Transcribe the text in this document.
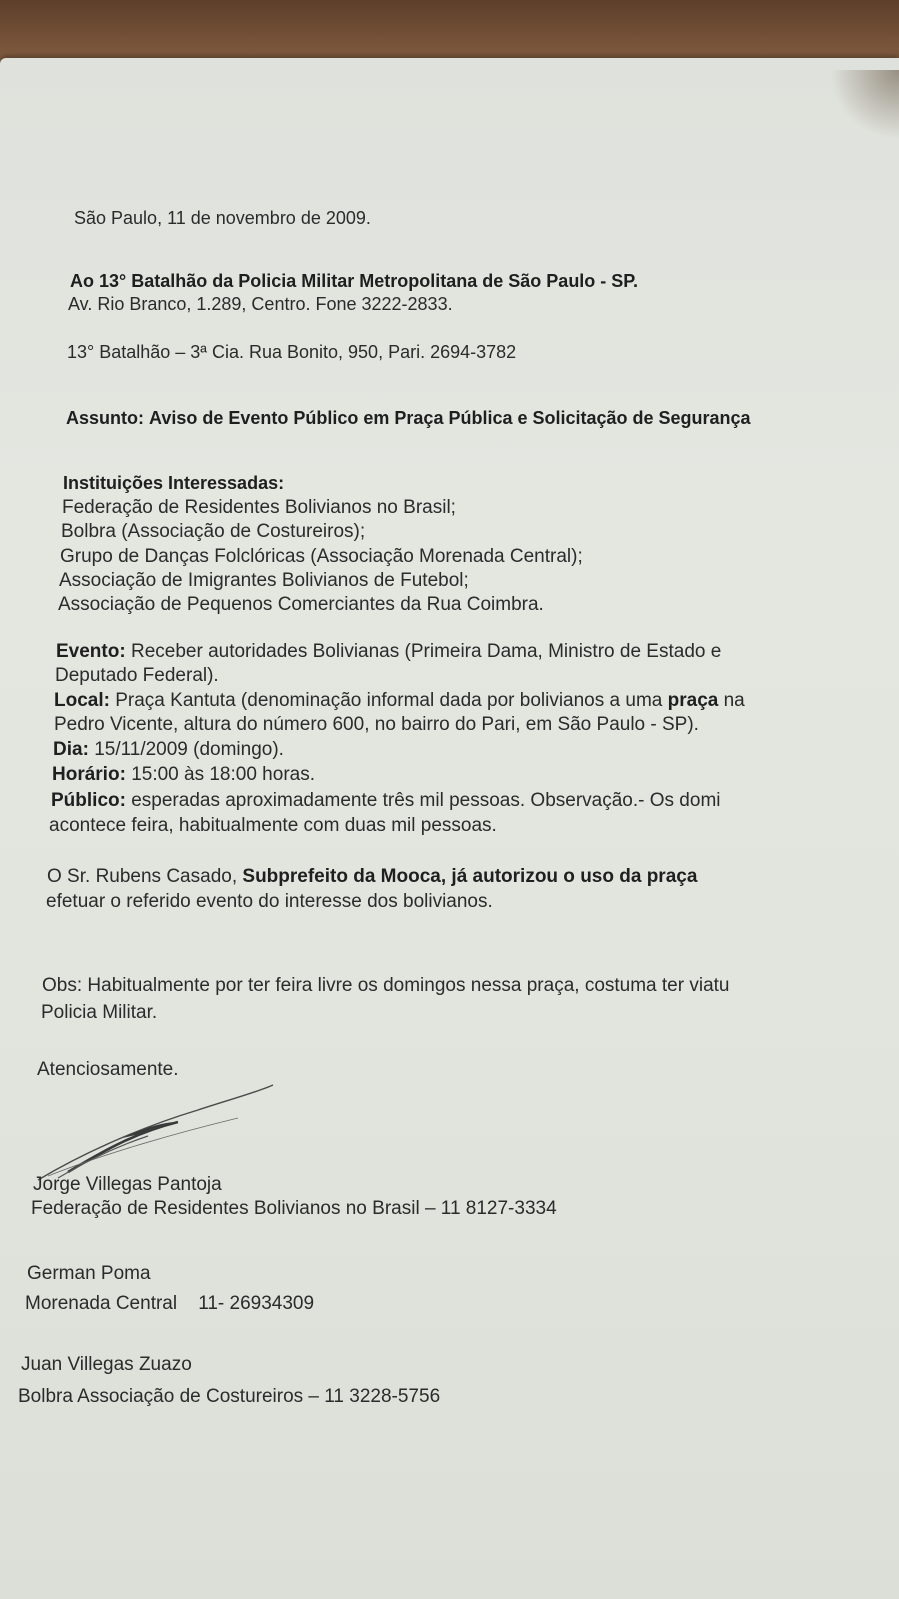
São Paulo, 11 de novembro de 2009.
Ao 13° Batalhão da Policia Militar Metropolitana de São Paulo - SP.
Av. Rio Branco, 1.289, Centro. Fone 3222-2833.
13° Batalhão – 3ª Cia. Rua Bonito, 950, Pari. 2694-3782
Assunto: Aviso de Evento Público em Praça Pública e Solicitação de Segurança
Instituições Interessadas:
Federação de Residentes Bolivianos no Brasil;
Bolbra (Associação de Costureiros);
Grupo de Danças Folclóricas (Associação Morenada Central);
Associação de Imigrantes Bolivianos de Futebol;
Associação de Pequenos Comerciantes da Rua Coimbra.
Evento: Receber autoridades Bolivianas (Primeira Dama, Ministro de Estado e
Deputado Federal).
Local: Praça Kantuta (denominação informal dada por bolivianos a uma praça na
Pedro Vicente, altura do número 600, no bairro do Pari, em São Paulo - SP).
Dia: 15/11/2009 (domingo).
Horário: 15:00 às 18:00 horas.
Público: esperadas aproximadamente três mil pessoas. Observação.- Os domi
acontece feira, habitualmente com duas mil pessoas.
O Sr. Rubens Casado, Subprefeito da Mooca, já autorizou o uso da praça
efetuar o referido evento do interesse dos bolivianos.
Obs: Habitualmente por ter feira livre os domingos nessa praça, costuma ter viatu
Policia Militar.
Atenciosamente.
Jorge Villegas Pantoja
Federação de Residentes Bolivianos no Brasil – 11 8127-3334
German Poma
Morenada Central    11- 26934309
Juan Villegas Zuazo
Bolbra Associação de Costureiros – 11 3228-5756
